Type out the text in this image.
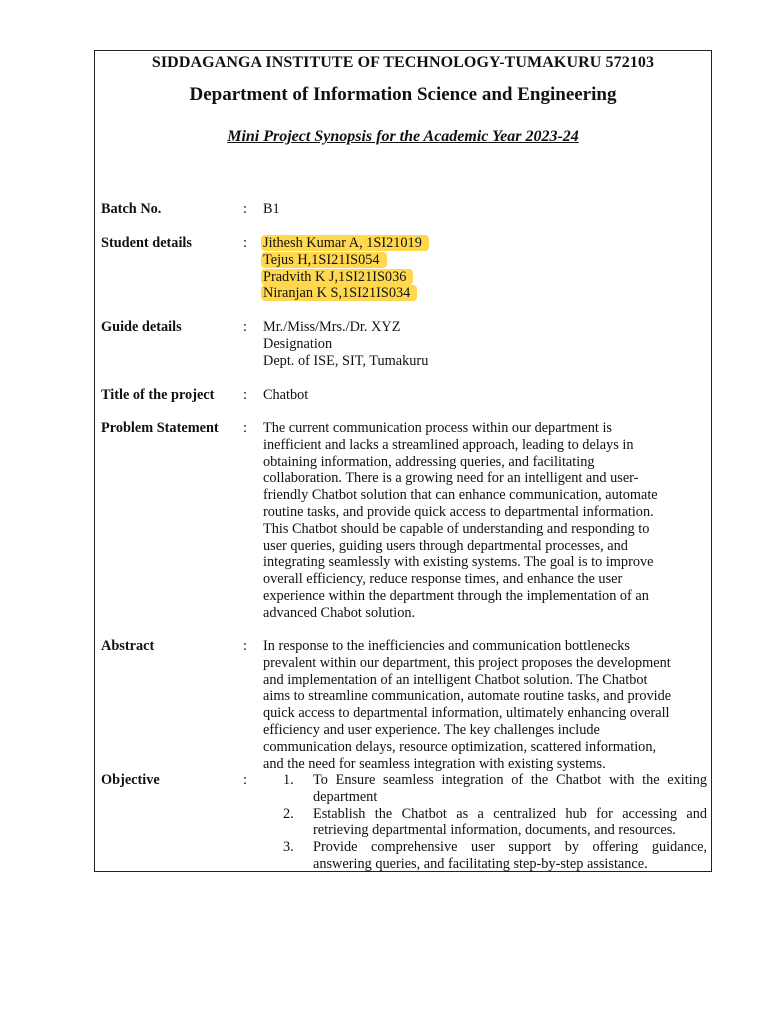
SIDDAGANGA INSTITUTE OF TECHNOLOGY-TUMAKURU 572103
Department of Information Science and Engineering
Mini Project Synopsis for the Academic Year 2023-24
Batch No.	: B1
Student details	: Jithesh Kumar A, 1SI21019
Tejus H,1SI21IS054
Pradvith K J,1SI21IS036
Niranjan K S,1SI21IS034
Guide details	: Mr./Miss/Mrs./Dr. XYZ
Designation
Dept. of ISE, SIT, Tumakuru
Title of the project : Chatbot
Problem Statement : The current communication process within our department is
inefficient and lacks a streamlined approach, leading to delays in
obtaining information, addressing queries, and facilitating
collaboration. There is a growing need for an intelligent and user-
friendly Chatbot solution that can enhance communication, automate
routine tasks, and provide quick access to departmental information.
This Chatbot should be capable of understanding and responding to
user queries, guiding users through departmental processes, and
integrating seamlessly with existing systems. The goal is to improve
overall efficiency, reduce response times, and enhance the user
experience within the department through the implementation of an
advanced Chabot solution.
Abstract	: In response to the inefficiencies and communication bottlenecks
prevalent within our department, this project proposes the development
and implementation of an intelligent Chatbot solution. The Chatbot
aims to streamline communication, automate routine tasks, and provide
quick access to departmental information, ultimately enhancing overall
efficiency and user experience. The key challenges include
communication delays, resource optimization, scattered information,
and the need for seamless integration with existing systems.
Objective	:	1. To Ensure seamless integration of the Chatbot with the exiting department
2. Establish the Chatbot as a centralized hub for accessing and retrieving departmental information, documents, and resources.
3. Provide comprehensive user support by offering guidance, answering queries, and facilitating step-by-step assistance.
